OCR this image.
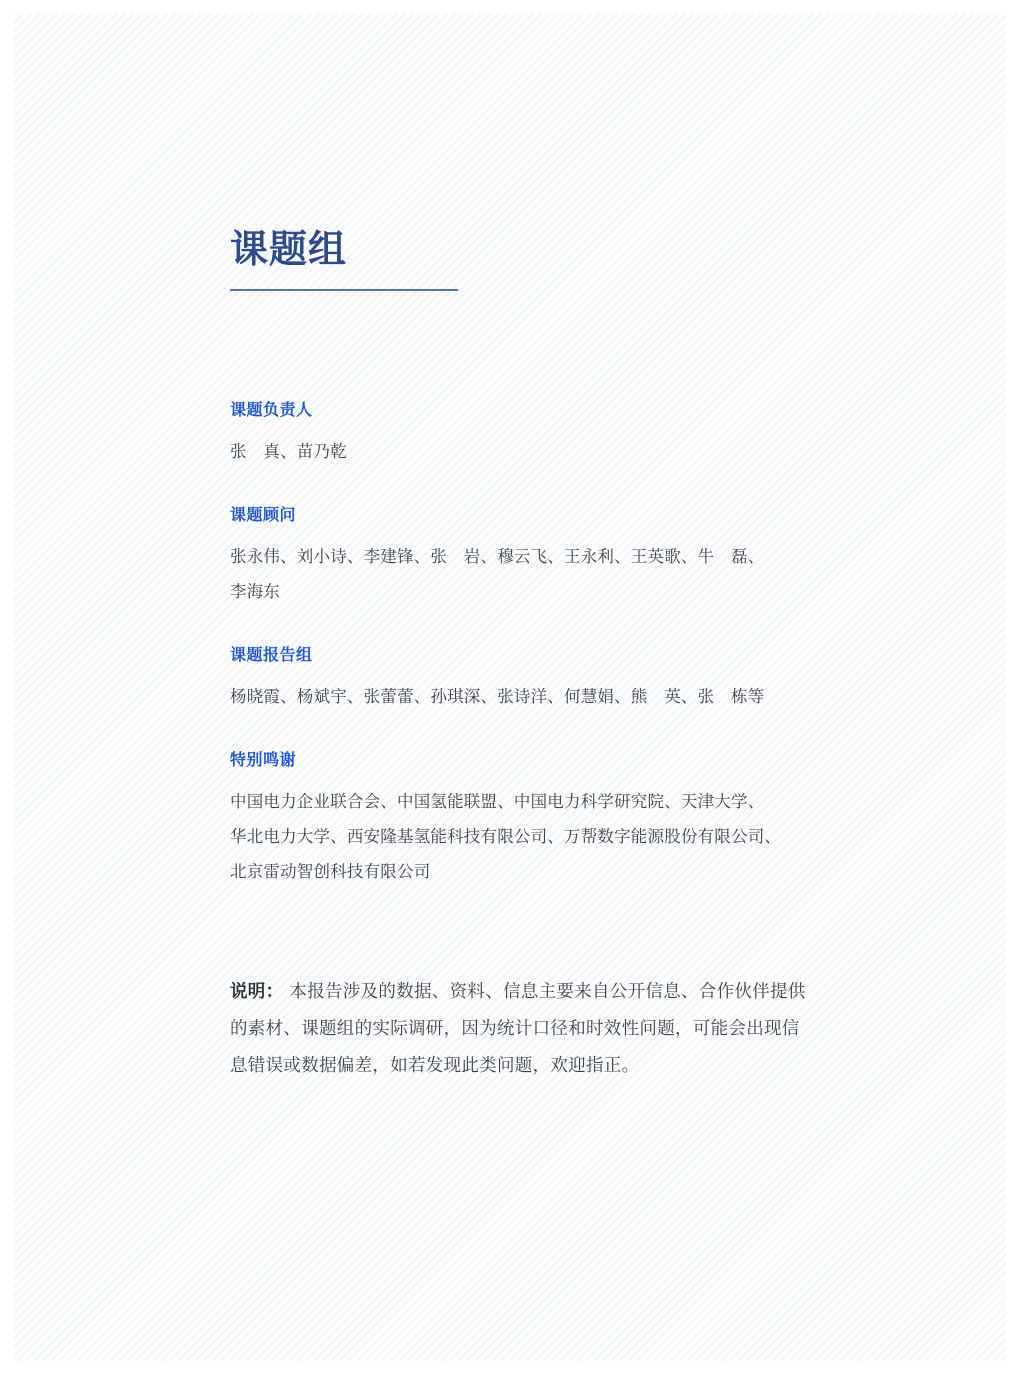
课题组
课题负责人
张　真、苗乃乾
课题顾问
张永伟、刘小诗、李建锋、张　岩、穆云飞、王永利、王英歌、牛　磊、
李海东
课题报告组
杨晓霞、杨斌宇、张蕾蕾、孙琪深、张诗洋、何慧娟、熊　英、张　栋等
特别鸣谢
中国电力企业联合会、中国氢能联盟、中国电力科学研究院、天津大学、
华北电力大学、西安隆基氢能科技有限公司、万帮数字能源股份有限公司、
北京雷动智创科技有限公司
说明： 本报告涉及的数据、资料、信息主要来自公开信息、合作伙伴提供
的素材、课题组的实际调研，因为统计口径和时效性问题，可能会出现信
息错误或数据偏差，如若发现此类问题，欢迎指正。
